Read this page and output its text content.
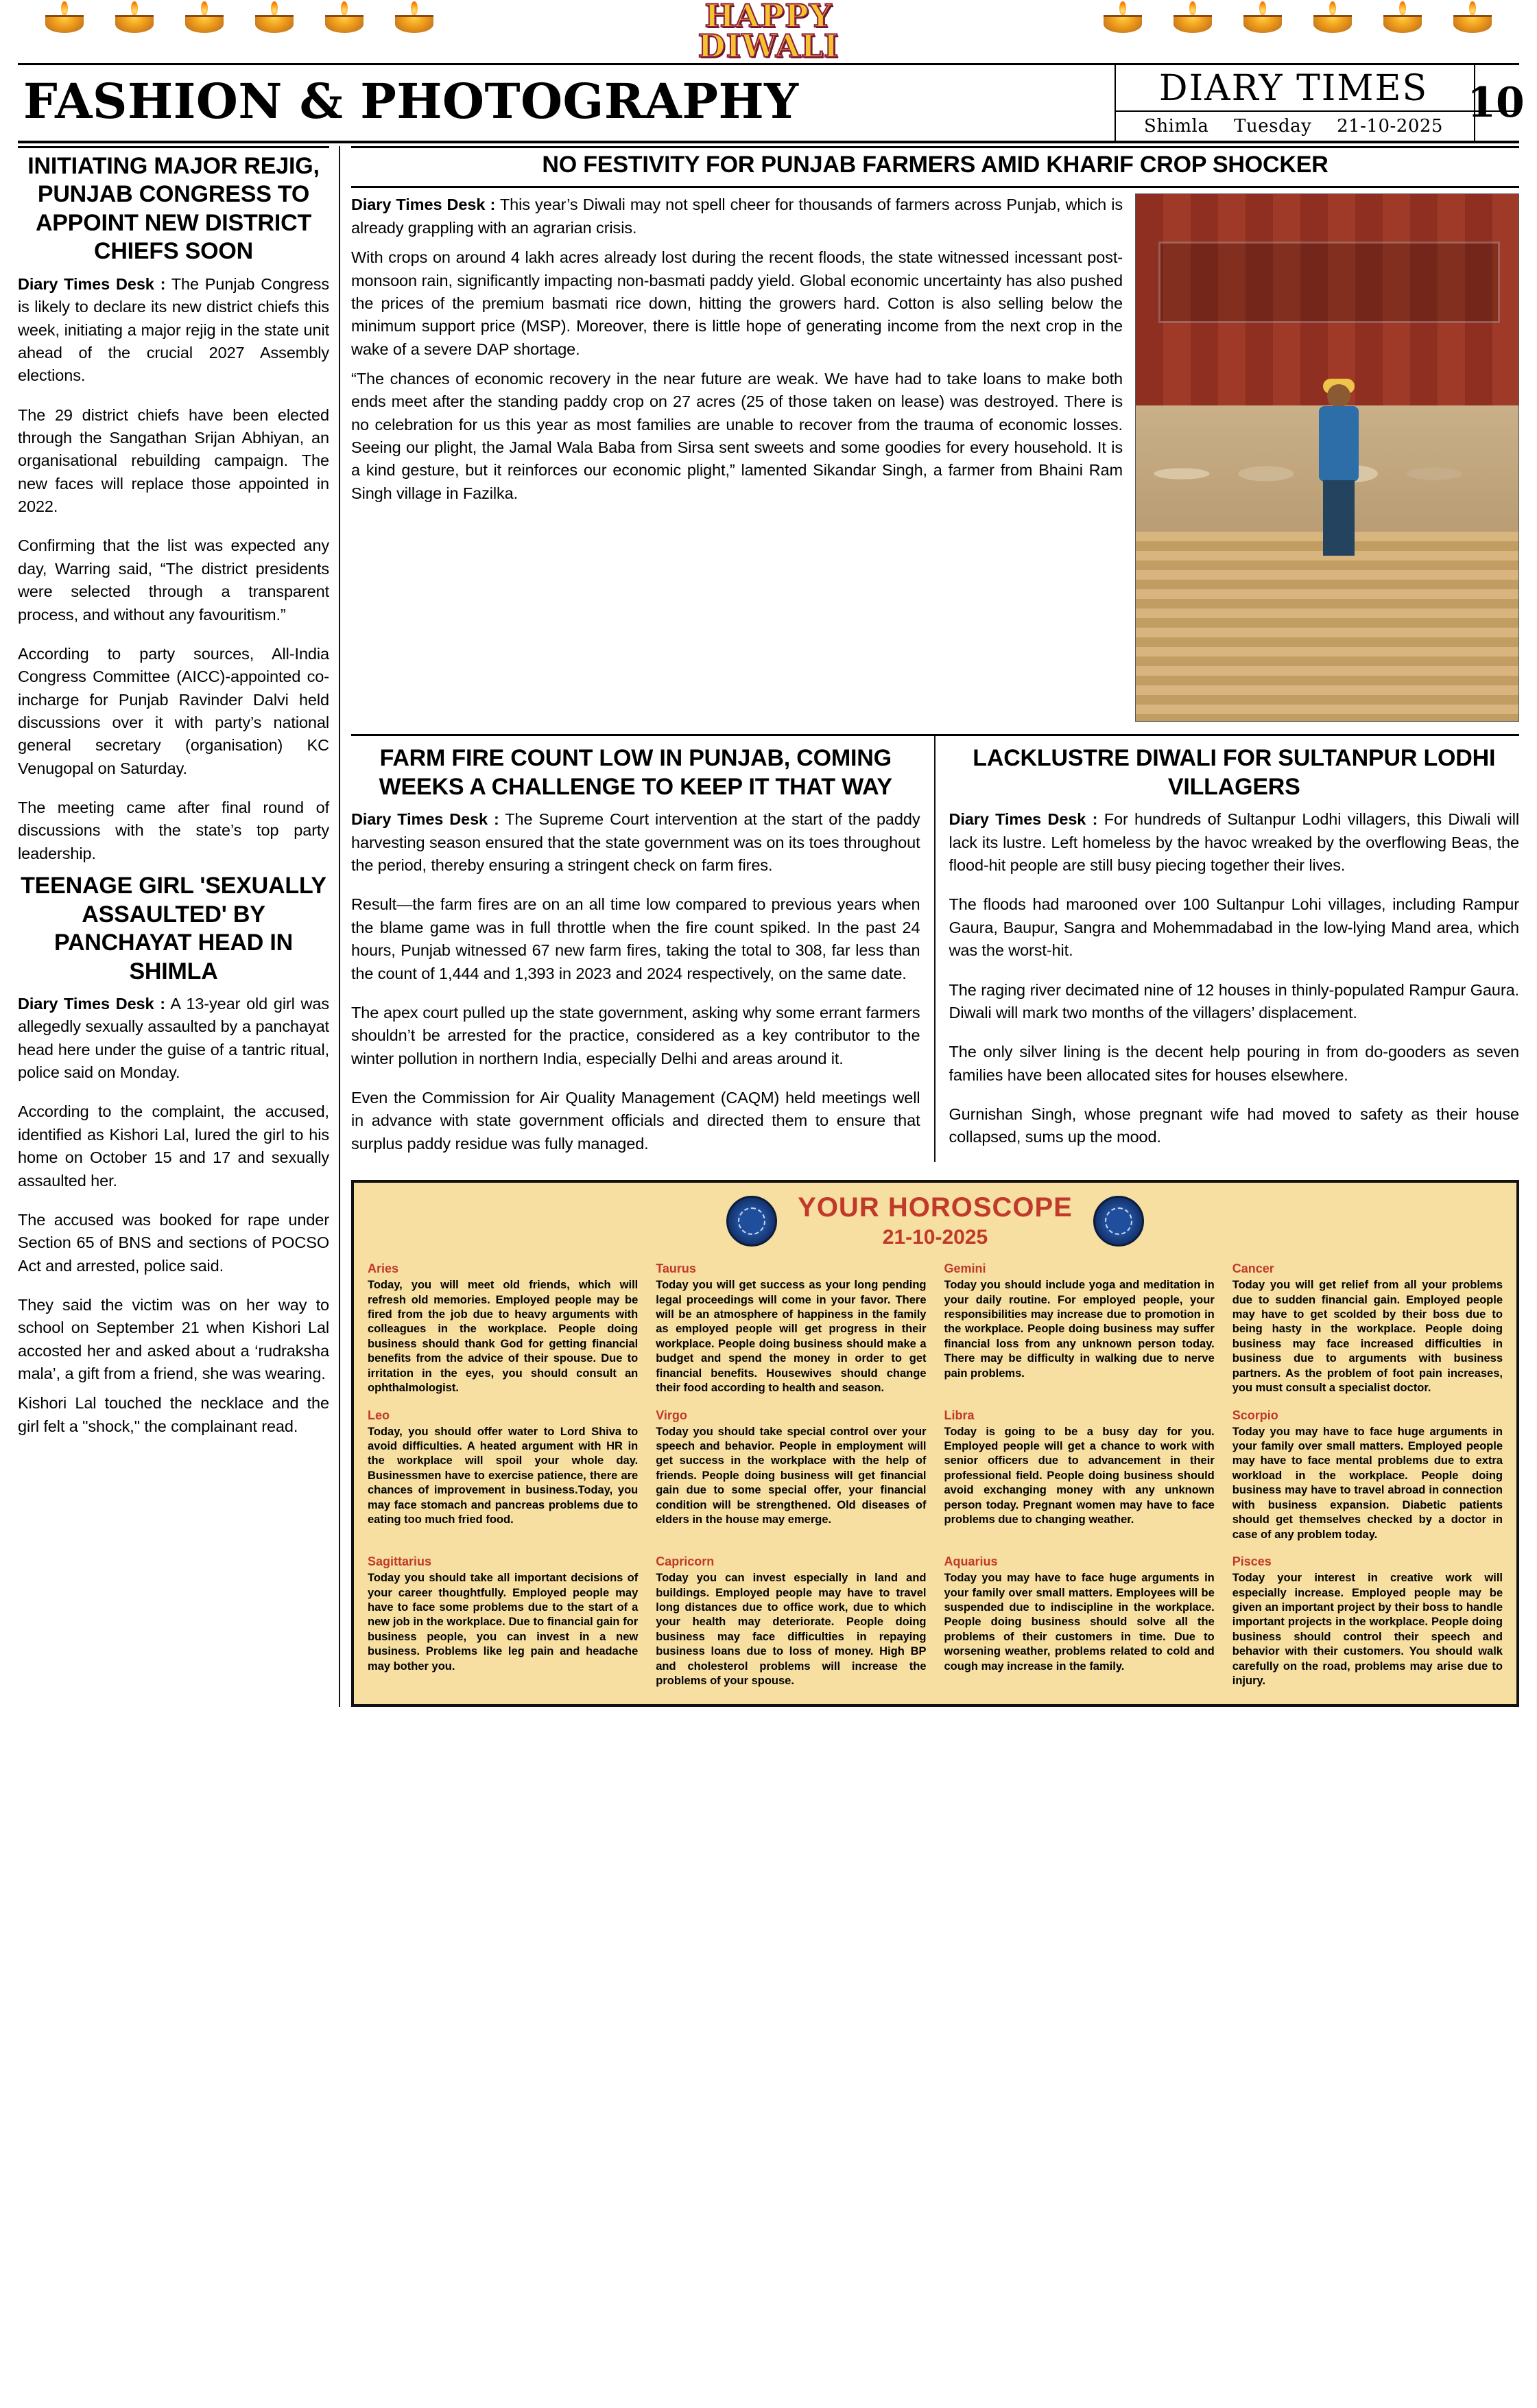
HAPPY
DIWALI
FASHION & PHOTOGRAPHY	DIARY TIMES
Shimla Tuesday 21-10-2025 10
INITIATING MAJOR REJIG, PUNJAB CONGRESS TO APPOINT NEW DISTRICT CHIEFS SOON

Diary Times Desk : The Punjab Congress is likely to declare its new district chiefs this week, initiating a major rejig in the state unit ahead of the crucial 2027 Assembly elections.

The 29 district chiefs have been elected through the Sangathan Srijan Abhiyan, an organisational rebuilding campaign. The new faces will replace those appointed in 2022.

Confirming that the list was expected any day, Warring said, “The district presidents were selected through a transparent process, and without any favouritism.”

According to party sources, All-India Congress Committee (AICC)-appointed co-incharge for Punjab Ravinder Dalvi held discussions over it with party’s national general secretary (organisation) KC Venugopal on Saturday.

The meeting came after final round of discussions with the state’s top party leadership.

TEENAGE GIRL 'SEXUALLY ASSAULTED' BY PANCHAYAT HEAD IN SHIMLA

Diary Times Desk : A 13-year old girl was allegedly sexually assaulted by a panchayat head here under the guise of a tantric ritual, police said on Monday.

According to the complaint, the accused, identified as Kishori Lal, lured the girl to his home on October 15 and 17 and sexually assaulted her.

The accused was booked for rape under Section 65 of BNS and sections of POCSO Act and arrested, police said.

They said the victim was on her way to school on September 21 when Kishori Lal accosted her and asked about a ‘rudraksha mala’, a gift from a friend, she was wearing.

Kishori Lal touched the necklace and the girl felt a "shock," the complainant read.

NO FESTIVITY FOR PUNJAB FARMERS AMID KHARIF CROP SHOCKER

Diary Times Desk : This year’s Diwali may not spell cheer for thousands of farmers across Punjab, which is already grappling with an agrarian crisis.

With crops on around 4 lakh acres already lost during the recent floods, the state witnessed incessant post-monsoon rain, significantly impacting non-basmati paddy yield. Global economic uncertainty has also pushed the prices of the premium basmati rice down, hitting the growers hard. Cotton is also selling below the minimum support price (MSP). Moreover, there is little hope of generating income from the next crop in the wake of a severe DAP shortage.

“The chances of economic recovery in the near future are weak. We have had to take loans to make both ends meet after the standing paddy crop on 27 acres (25 of those taken on lease) was destroyed. There is no celebration for us this year as most families are unable to recover from the trauma of economic losses. Seeing our plight, the Jamal Wala Baba from Sirsa sent sweets and some goodies for every household. It is a kind gesture, but it reinforces our economic plight,” lamented Sikandar Singh, a farmer from Bhaini Ram Singh village in Fazilka.

FARM FIRE COUNT LOW IN PUNJAB, COMING WEEKS A CHALLENGE TO KEEP IT THAT WAY

Diary Times Desk : The Supreme Court intervention at the start of the paddy harvesting season ensured that the state government was on its toes throughout the period, thereby ensuring a stringent check on farm fires.

Result—the farm fires are on an all time low compared to previous years when the blame game was in full throttle when the fire count spiked. In the past 24 hours, Punjab witnessed 67 new farm fires, taking the total to 308, far less than the count of 1,444 and 1,393 in 2023 and 2024 respectively, on the same date.

The apex court pulled up the state government, asking why some errant farmers shouldn’t be arrested for the practice, considered as a key contributor to the winter pollution in northern India, especially Delhi and areas around it.

Even the Commission for Air Quality Management (CAQM) held meetings well in advance with state government officials and directed them to ensure that surplus paddy residue was fully managed.

LACKLUSTRE DIWALI FOR SULTANPUR LODHI VILLAGERS

Diary Times Desk : For hundreds of Sultanpur Lodhi villagers, this Diwali will lack its lustre. Left homeless by the havoc wreaked by the overflowing Beas, the flood-hit people are still busy piecing together their lives.

The floods had marooned over 100 Sultanpur Lohi villages, including Rampur Gaura, Baupur, Sangra and Mohemmadabad in the low-lying Mand area, which was the worst-hit.

The raging river decimated nine of 12 houses in thinly-populated Rampur Gaura. Diwali will mark two months of the villagers’ displacement.

The only silver lining is the decent help pouring in from do-gooders as seven families have been allocated sites for houses elsewhere.

Gurnishan Singh, whose pregnant wife had moved to safety as their house collapsed, sums up the mood.

YOUR HOROSCOPE
21-10-2025
Aries
Today, you will meet old friends, which will refresh old memories. Employed people may be fired from the job due to heavy arguments with colleagues in the workplace. People doing business should thank God for getting financial benefits from the advice of their spouse. Due to irritation in the eyes, you should consult an ophthalmologist.
Taurus
Today you will get success as your long pending legal proceedings will come in your favor. There will be an atmosphere of happiness in the family as employed people will get progress in their workplace. People doing business should make a budget and spend the money in order to get financial benefits. Housewives should change their food according to health and season.
Gemini
Today you should include yoga and meditation in your daily routine. For employed people, your responsibilities may increase due to promotion in the workplace. People doing business may suffer financial loss from any unknown person today. There may be difficulty in walking due to nerve pain problems.
Cancer
Today you will get relief from all your problems due to sudden financial gain. Employed people may have to get scolded by their boss due to being hasty in the workplace. People doing business may face increased difficulties in business due to arguments with business partners. As the problem of foot pain increases, you must consult a specialist doctor.
Leo
Today, you should offer water to Lord Shiva to avoid difficulties. A heated argument with HR in the workplace will spoil your whole day. Businessmen have to exercise patience, there are chances of improvement in business.Today, you may face stomach and pancreas problems due to eating too much fried food.
Virgo
Today you should take special control over your speech and behavior. People in employment will get success in the workplace with the help of friends. People doing business will get financial gain due to some special offer, your financial condition will be strengthened. Old diseases of elders in the house may emerge.
Libra
Today is going to be a busy day for you. Employed people will get a chance to work with senior officers due to advancement in their professional field. People doing business should avoid exchanging money with any unknown person today. Pregnant women may have to face problems due to changing weather.
Scorpio
Today you may have to face huge arguments in your family over small matters. Employed people may have to face mental problems due to extra workload in the workplace. People doing business may have to travel abroad in connection with business expansion. Diabetic patients should get themselves checked by a doctor in case of any problem today.
Sagittarius
Today you should take all important decisions of your career thoughtfully. Employed people may have to face some problems due to the start of a new job in the workplace. Due to financial gain for business people, you can invest in a new business. Problems like leg pain and headache may bother you.
Capricorn
Today you can invest especially in land and buildings. Employed people may have to travel long distances due to office work, due to which your health may deteriorate. People doing business may face difficulties in repaying business loans due to loss of money. High BP and cholesterol problems will increase the problems of your spouse.
Aquarius
Today you may have to face huge arguments in your family over small matters. Employees will be suspended due to indiscipline in the workplace. People doing business should solve all the problems of their customers in time. Due to worsening weather, problems related to cold and cough may increase in the family.
Pisces
Today your interest in creative work will especially increase. Employed people may be given an important project by their boss to handle important projects in the workplace. People doing business should control their speech and behavior with their customers. You should walk carefully on the road, problems may arise due to injury.
